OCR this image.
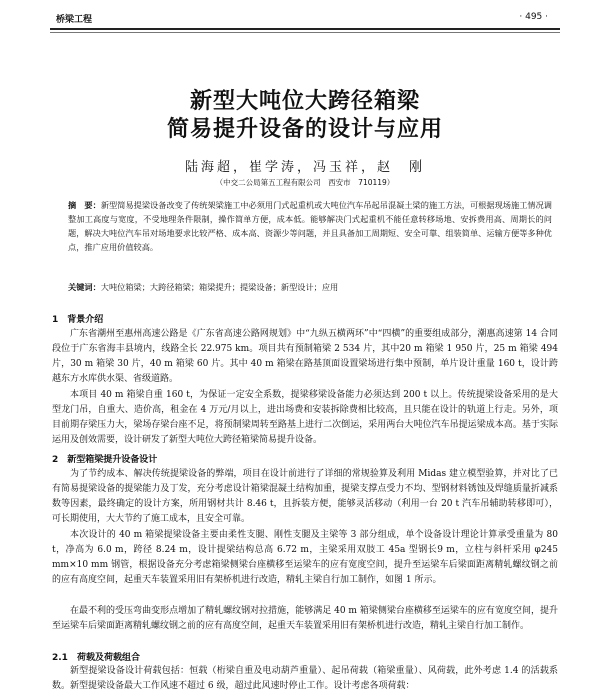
桥梁工程	· 495 ·
新型大吨位大跨径箱梁
简易提升设备的设计与应用
陆海超，崔学涛，冯玉祥，赵　刚
（中交二公局第五工程有限公司　西安市　710119）
摘　要：新型简易提梁设备改变了传统架梁施工中必须用门式起重机或大吨位汽车吊起吊混凝土梁的施工方法，可根据现场施工情况调整加工高度与宽度，不受地理条件限制，操作简单方便，成本低。能够解决门式起重机不能任意转移场地、安拆费用高、周期长的问题，解决大吨位汽车吊对场地要求比较严格、成本高、资源少等问题，并且具备加工周期短、安全可靠、组装简单、运输方便等多种优点，推广应用价值较高。
关键词：大吨位箱梁；大跨径箱梁；箱梁提升；提梁设备；新型设计；应用
1　背景介绍
广东省潮州至惠州高速公路是《广东省高速公路网规划》中“九纵五横两环”中“四横”的重要组成部分，潮惠高速第 14 合同段位于广东省海丰县境内，线路全长 22.975 km。项目共有预制箱梁 2 534 片，其中20 m 箱梁 1 950 片，25 m 箱梁 494 片，30 m 箱梁 30 片，40 m 箱梁 60 片。其中 40 m 箱梁在路基顶面设置梁场进行集中预制，单片设计重量 160 t，设计跨越东方水库供水渠、省级道路。
本项目 40 m 箱梁自重 160 t，为保证一定安全系数，提梁移梁设备能力必须达到 200 t 以上。传统提梁设备采用的是大型龙门吊，自重大、造价高，租金在 4 万元/月以上，进出场费和安装拆除费相比较高，且只能在设计的轨道上行走。另外，项目前期存梁压力大，梁场存梁台座不足，将预制梁周转至路基上进行二次倒运，采用两台大吨位汽车吊提运梁成本高。基于实际运用及创效需要，设计研发了新型大吨位大跨径箱梁简易提升设备。
2　新型箱梁提升设备设计
为了节约成本、解决传统提梁设备的弊端，项目在设计前进行了详细的常规验算及利用 Midas 建立模型验算，并对比了已有简易提梁设备的提梁能力及丁发，充分考虑设计箱梁混凝土结构加重，提梁支撑点受力不均、型钢材料锈蚀及焊缝质量折减系数等因素，最终确定的设计方案，所用钢材共计 8.46 t，且拆装方便，能够灵活移动（利用一台 20 t 汽车吊辅助转移即可），可长期使用，大大节约了施工成本，且安全可靠。
本次设计的 40 m 箱梁提梁设备主要由柔性支腿、刚性支腿及主梁等 3 部分组成，单个设备设计理论计算承受重量为 80 t，净高为 6.0 m，跨径 8.24 m，设计提梁结构总高 6.72 m，主梁采用双肢工 45a 型钢长9 m，立柱与斜杆采用 φ245 mm×10 mm 钢管，根据设备充分考虑箱梁侧梁台座横移至运梁车的应有宽度空间，提升至运梁车后梁面距离精轧螺纹钢之前的应有高度空间，起重天车装置采用旧有架桥机进行改造，精轧主梁自行加工制作，如图 1 所示。
在最不利的受压弯曲变形点增加了精轧螺纹钢对拉措施，能够满足 40 m 箱梁侧梁台座横移至运梁车的应有宽度空间，提升至运梁车后梁面距离精轧螺纹钢之前的应有高度空间，起重天车装置采用旧有架桥机进行改造，精轧主梁自行加工制作。
2.1　荷载及荷载组合
新型提梁设备设计荷载包括：恒载（桁梁自重及电动葫芦重量）、起吊荷载（箱梁重量）、风荷载，此外考虑 1.4 的活载系数。新型提梁设备最大工作风速不超过 6 级，超过此风速时停止工作。设计考虑各项荷载：
